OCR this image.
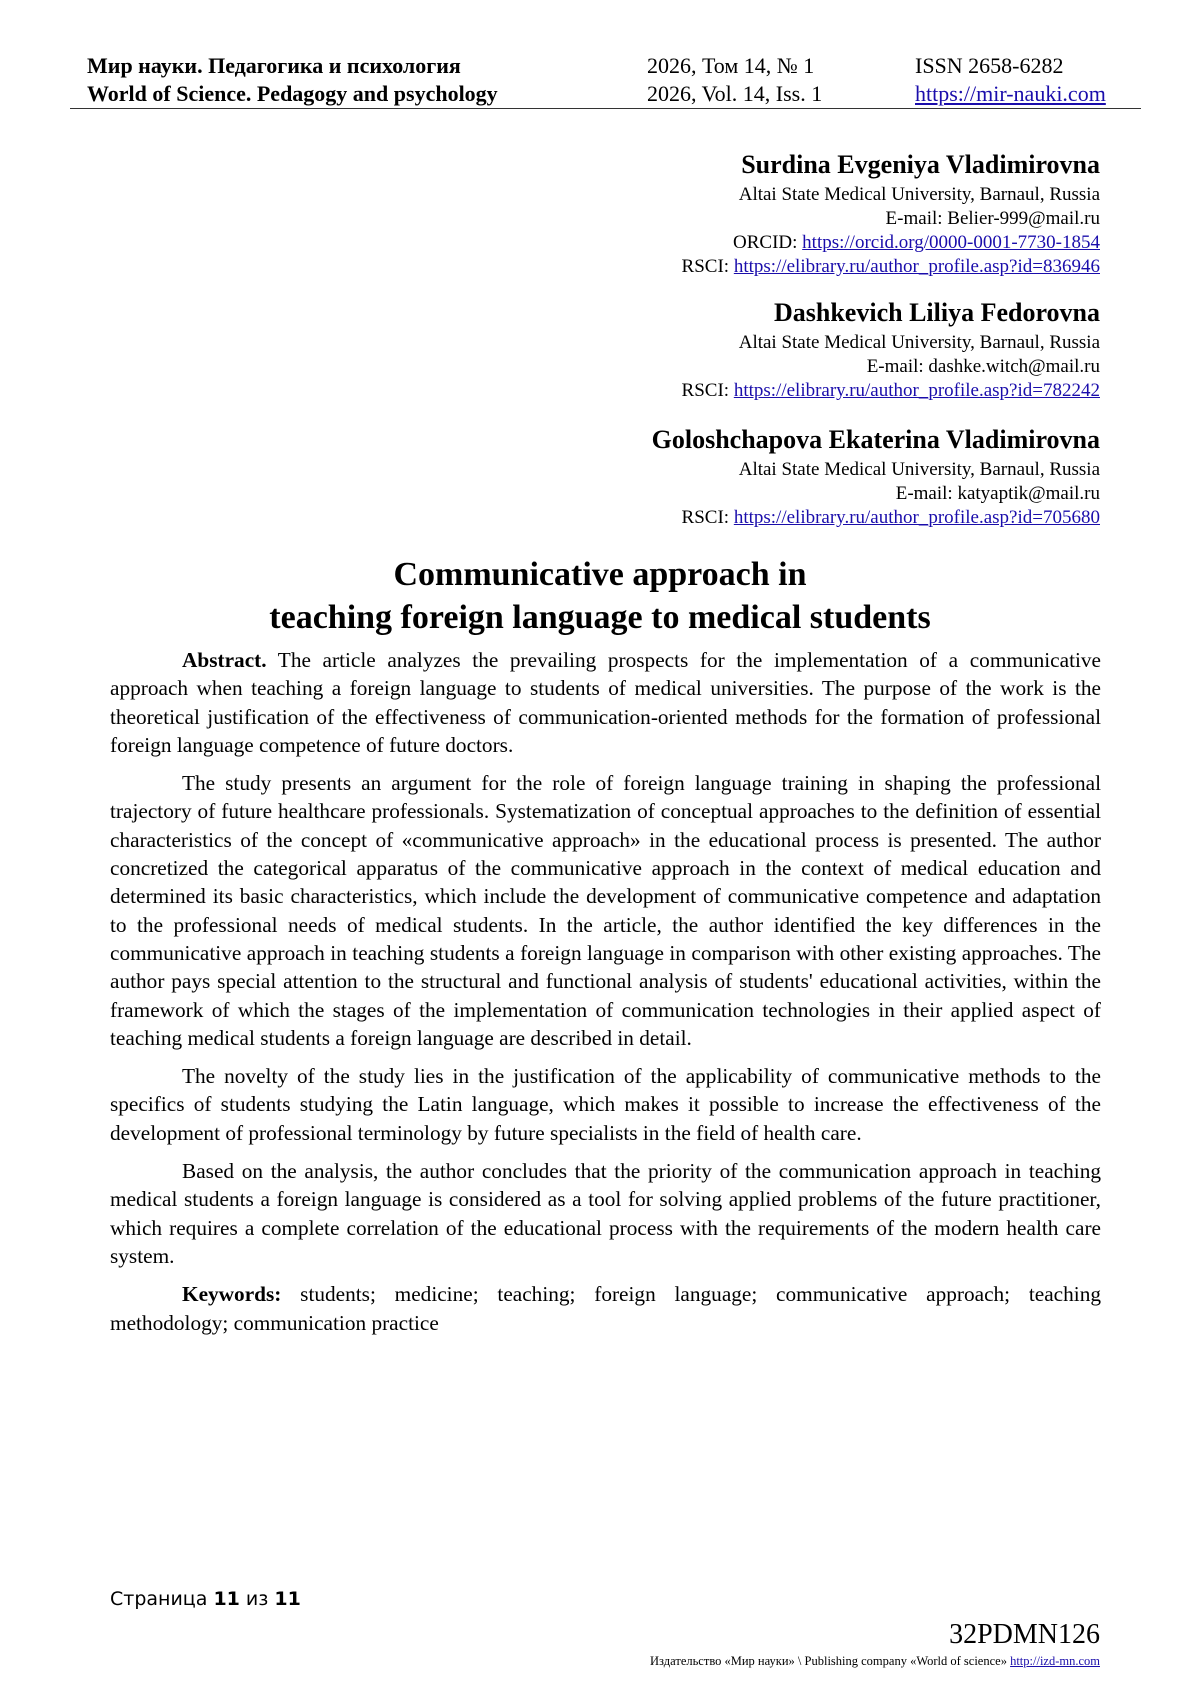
Мир науки. Педагогика и психология
World of Science. Pedagogy and psychology
2026, Том 14, № 1
2026, Vol. 14, Iss. 1
ISSN 2658-6282
https://mir-nauki.com
Surdina Evgeniya Vladimirovna
Altai State Medical University, Barnaul, Russia
E-mail: Belier-999@mail.ru
ORCID: https://orcid.org/0000-0001-7730-1854
RSCI: https://elibrary.ru/author_profile.asp?id=836946
Dashkevich Liliya Fedorovna
Altai State Medical University, Barnaul, Russia
E-mail: dashke.witch@mail.ru
RSCI: https://elibrary.ru/author_profile.asp?id=782242
Goloshchapova Ekaterina Vladimirovna
Altai State Medical University, Barnaul, Russia
E-mail: katyaptik@mail.ru
RSCI: https://elibrary.ru/author_profile.asp?id=705680
Communicative approach in
teaching foreign language to medical students

Abstract. The article analyzes the prevailing prospects for the implementation of a communicative approach when teaching a foreign language to students of medical universities. The purpose of the work is the theoretical justification of the effectiveness of communication-oriented methods for the formation of professional foreign language competence of future doctors.

The study presents an argument for the role of foreign language training in shaping the professional trajectory of future healthcare professionals. Systematization of conceptual approaches to the definition of essential characteristics of the concept of «communicative approach» in the educational process is presented. The author concretized the categorical apparatus of the communicative approach in the context of medical education and determined its basic characteristics, which include the development of communicative competence and adaptation to the professional needs of medical students. In the article, the author identified the key differences in the communicative approach in teaching students a foreign language in comparison with other existing approaches. The author pays special attention to the structural and functional analysis of students' educational activities, within the framework of which the stages of the implementation of communication technologies in their applied aspect of teaching medical students a foreign language are described in detail.

The novelty of the study lies in the justification of the applicability of communicative methods to the specifics of students studying the Latin language, which makes it possible to increase the effectiveness of the development of professional terminology by future specialists in the field of health care.

Based on the analysis, the author concludes that the priority of the communication approach in teaching medical students a foreign language is considered as a tool for solving applied problems of the future practitioner, which requires a complete correlation of the educational process with the requirements of the modern health care system.

Keywords: students; medicine; teaching; foreign language; communicative approach; teaching methodology; communication practice

Страница 11 из 11
32PDMN126
Издательство «Мир науки» \ Publishing company «World of science» http://izd-mn.com
